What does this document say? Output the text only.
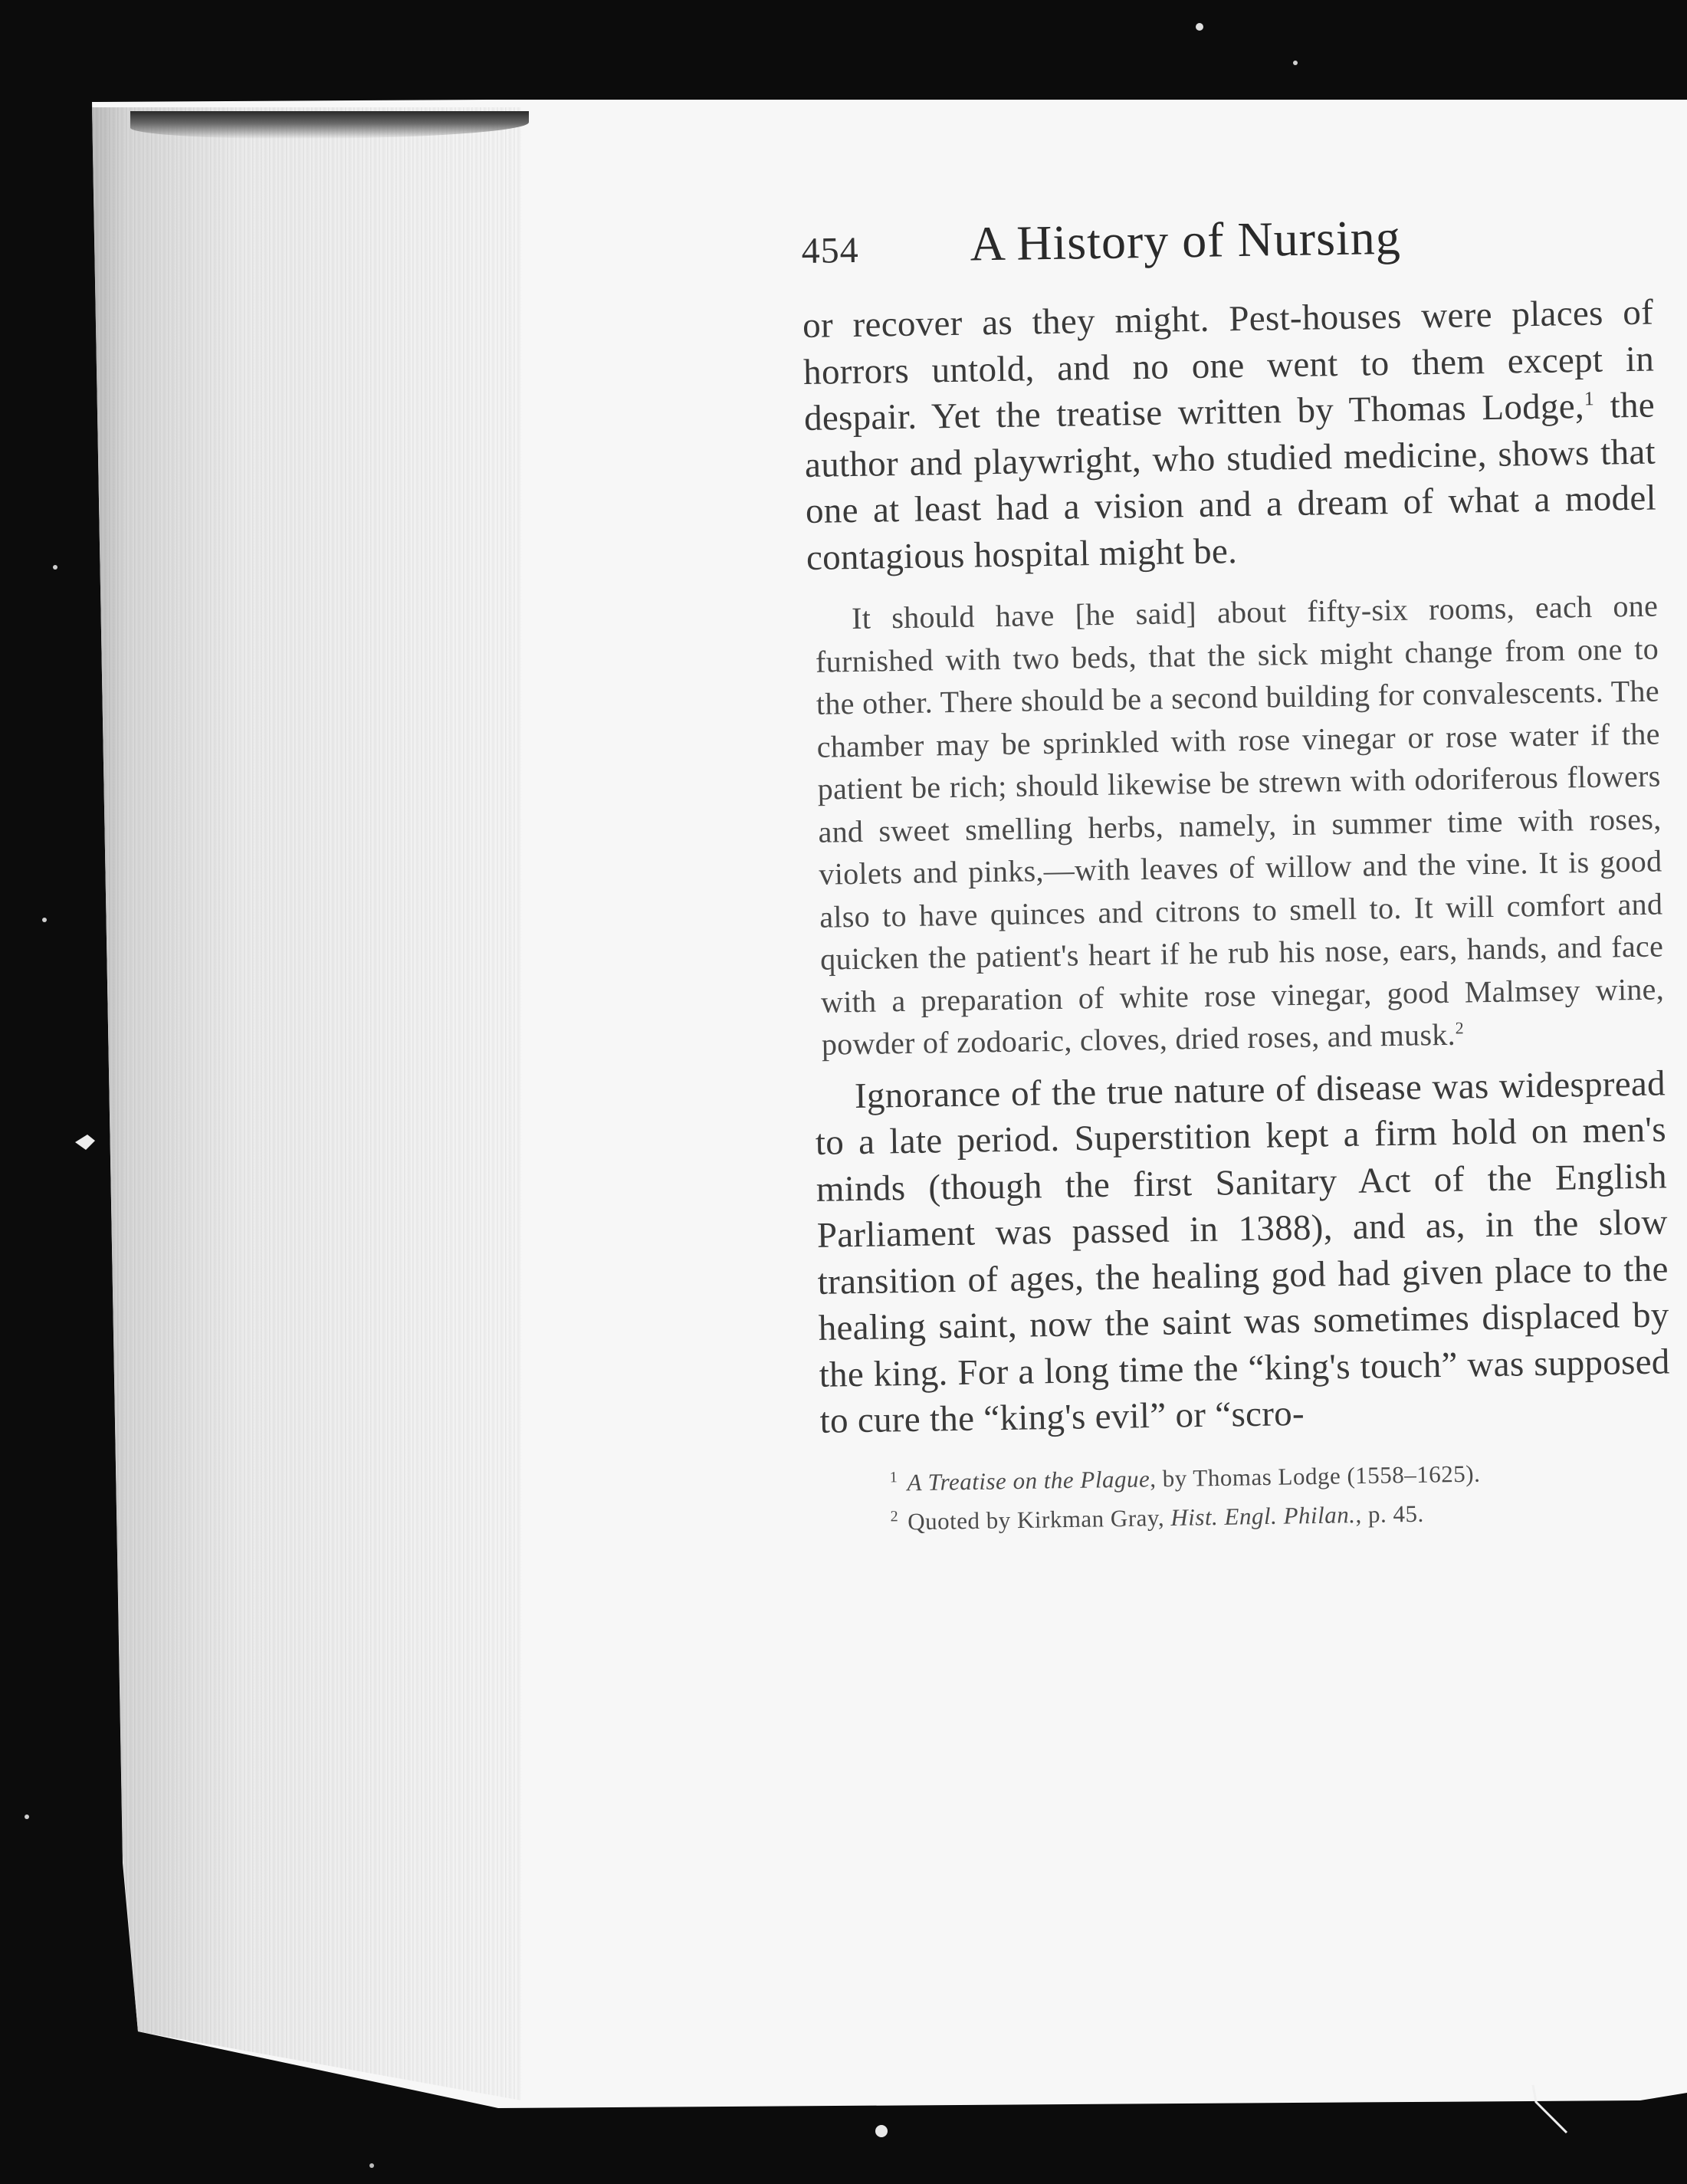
454 A History of Nursing

or recover as they might. Pest-houses were places of horrors untold, and no one went to them except in despair. Yet the treatise written by Thomas Lodge,$^1$ the author and playwright, who studied medicine, shows that one at least had a vision and a dream of what a model contagious hospital might be.

It should have [he said] about fifty-six rooms, each one furnished with two beds, that the sick might change from one to the other. There should be a second building for convalescents. The chamber may be sprinkled with rose vinegar or rose water if the patient be rich; should likewise be strewn with odoriferous flowers and sweet smelling herbs, namely, in summer time with roses, violets and pinks,—with leaves of willow and the vine. It is good also to have quinces and citrons to smell to. It will comfort and quicken the patient's heart if he rub his nose, ears, hands, and face with a preparation of white rose vinegar, good Malmsey wine, powder of zodoaric, cloves, dried roses, and musk.$^2$

Ignorance of the true nature of disease was widespread to a late period. Superstition kept a firm hold on men's minds (though the first Sanitary Act of the English Parliament was passed in 1388), and as, in the slow transition of ages, the healing god had given place to the healing saint, now the saint was sometimes displaced by the king. For a long time the “king's touch” was supposed to cure the “king's evil” or “scro-

$^1$ A Treatise on the Plague, by Thomas Lodge (1558–1625).
$^2$ Quoted by Kirkman Gray, Hist. Engl. Philan., p. 45.
